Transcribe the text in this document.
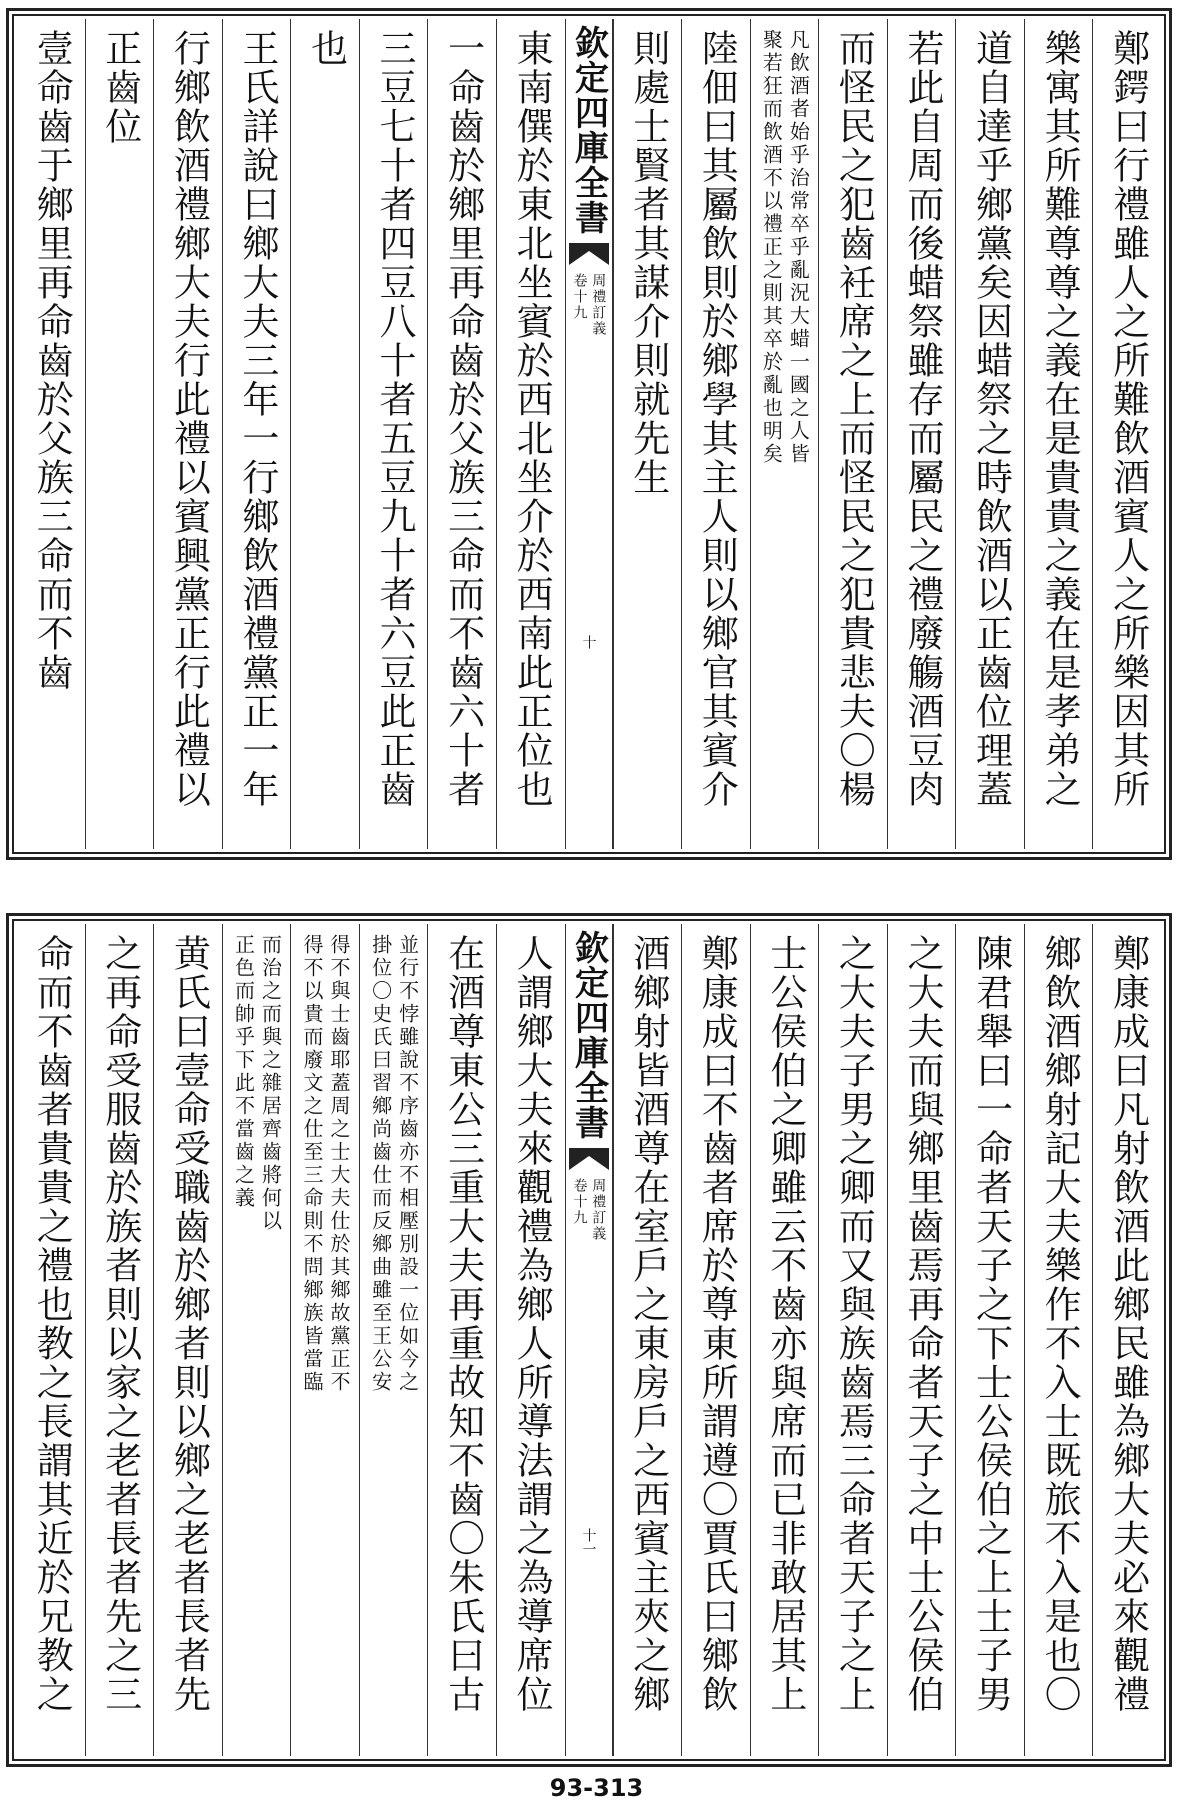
鄭鍔曰行禮雖人之所難飲酒賓人之所樂因其所
樂寓其所難尊尊之義在是貴貴之義在是孝弟之
道自達乎鄉黨矣因蜡祭之時飲酒以正齒位理蓋
若此自周而後蜡祭雖存而屬民之禮廢觴酒豆肉
而怪民之犯齒衽席之上而怪民之犯貴悲夫〇楊
凡飲酒者始乎治常卒乎亂況大蜡一國之人皆
聚若狂而飲酒不以禮正之則其卒於亂也明矣
陸佃曰其屬飲則於鄉學其主人則以鄉官其賓介
則處士賢者其謀介則就先生
欽定四庫全書
周禮訂義
卷十九
十
東南僎於東北坐賓於西北坐介於西南此正位也
一命齒於鄉里再命齒於父族三命而不齒六十者
三豆七十者四豆八十者五豆九十者六豆此正齒
也
王氏詳說曰鄉大夫三年一行鄉飲酒禮黨正一年
行鄉飲酒禮鄉大夫行此禮以賓興黨正行此禮以
正齒位
壹命齒于鄉里再命齒於父族三命而不齒
鄭康成曰凡射飲酒此鄉民雖為鄉大夫必來觀禮
鄉飲酒鄉射記大夫樂作不入士既旅不入是也〇
陳君舉曰一命者天子之下士公侯伯之上士子男
之大夫而與鄉里齒焉再命者天子之中士公侯伯
之大夫子男之卿而又與族齒焉三命者天子之上
士公侯伯之卿雖云不齒亦與席而已非敢居其上
鄭康成曰不齒者席於尊東所謂遵〇賈氏曰鄉飲
酒鄉射皆酒尊在室戶之東房戶之西賓主夾之鄉
欽定四庫全書
周禮訂義
卷十九
十一
人謂鄉大夫來觀禮為鄉人所導法謂之為導席位
在酒尊東公三重大夫再重故知不齒〇朱氏曰古
並行不悖雖說不序齒亦不相壓別設一位如今之
掛位〇史氏曰習鄉尚齒仕而反鄉曲雖至王公安
得不與士齒耶蓋周之士大夫仕於其鄉故黨正不
得不以貴而廢文之仕至三命則不問鄉族皆當臨
而治之而與之雜居齊齒將何以
正色而帥乎下此不當齒之義
黄氏曰壹命受職齒於鄉者則以鄉之老者長者先
之再命受服齒於族者則以家之老者長者先之三
命而不齒者貴貴之禮也教之長謂其近於兄教之
93-313
